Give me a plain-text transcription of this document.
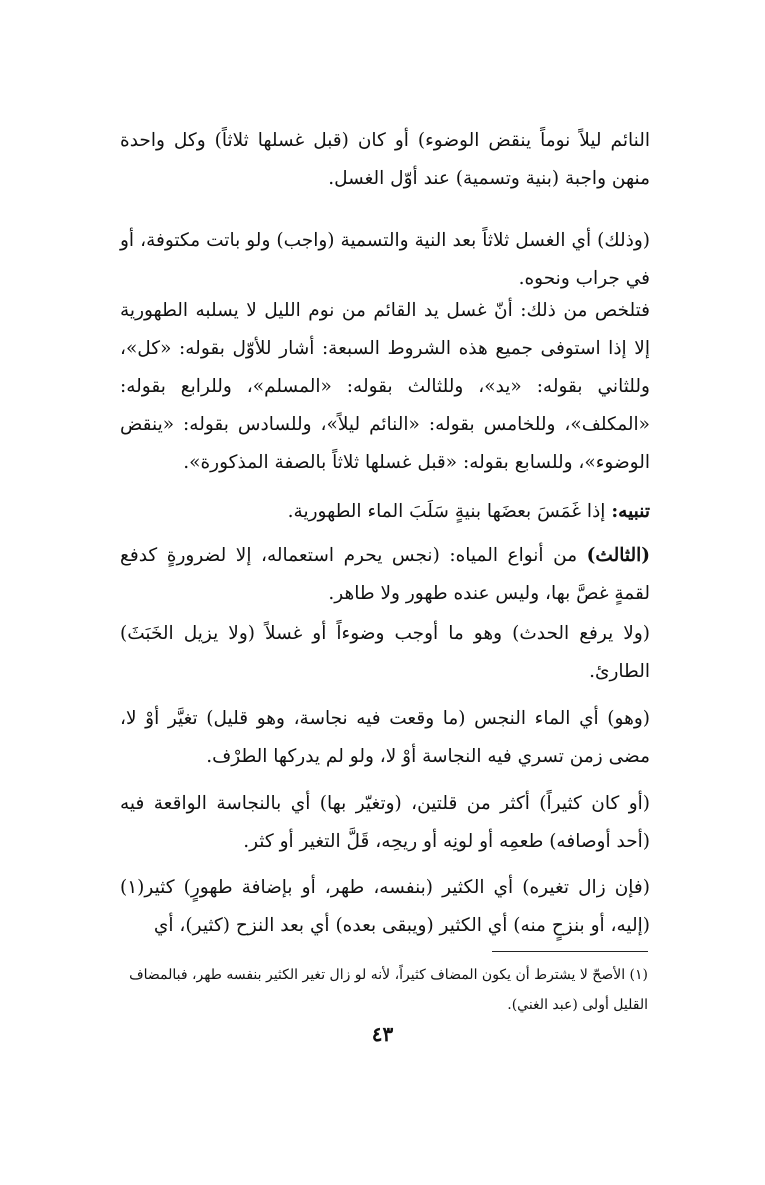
النائم ليلاً نوماً ينقض الوضوء) أو كان (قبل غسلها ثلاثاً) وكل واحدة منهن واجبة (بنية وتسمية) عند أوّل الغسل.
(وذلك) أي الغسل ثلاثاً بعد النية والتسمية (واجب) ولو باتت مكتوفة، أو في جراب ونحوه.
فتلخص من ذلك: أنّ غسل يد القائم من نوم الليل لا يسلبه الطهورية إلا إذا استوفى جميع هذه الشروط السبعة: أشار للأوّل بقوله: «كل»، وللثاني بقوله: «يد»، وللثالث بقوله: «المسلم»، وللرابع بقوله: «المكلف»، وللخامس بقوله: «النائم ليلاً»، وللسادس بقوله: «ينقض الوضوء»، وللسابع بقوله: «قبل غسلها ثلاثاً بالصفة المذكورة».
تنبيه: إذا غَمَسَ بعضَها بنيةٍ سَلَبَ الماء الطهورية.
(الثالث) من أنواع المياه: (نجس يحرم استعماله، إلا لضرورةٍ كدفع لقمةٍ غصَّ بها، وليس عنده طهور ولا طاهر.
(ولا يرفع الحدث) وهو ما أوجب وضوءاً أو غسلاً (ولا يزيل الخَبَثَ) الطارئ.
(وهو) أي الماء النجس (ما وقعت فيه نجاسة، وهو قليل) تغيَّر أوْ لا، مضى زمن تسري فيه النجاسة أوْ لا، ولو لم يدركها الطرْف.
(أو كان كثيراً) أكثر من قلتين، (وتغيّر بها) أي بالنجاسة الواقعة فيه (أحد أوصافه) طعمِه أو لونِه أو ريحِه، قَلَّ التغير أو كثر.
(فإن زال تغيره) أي الكثير (بنفسه، طهر، أو بإضافة طهورٍ) كثير(١) (إليه، أو بنزحٍ منه) أي الكثير (ويبقى بعده) أي بعد النزح (كثير)، أي
(١) الأصحّ لا يشترط أن يكون المضاف كثيراً، لأنه لو زال تغير الكثير بنفسه طهر، فبالمضاف القليل أولى (عبد الغني).
٤٣
